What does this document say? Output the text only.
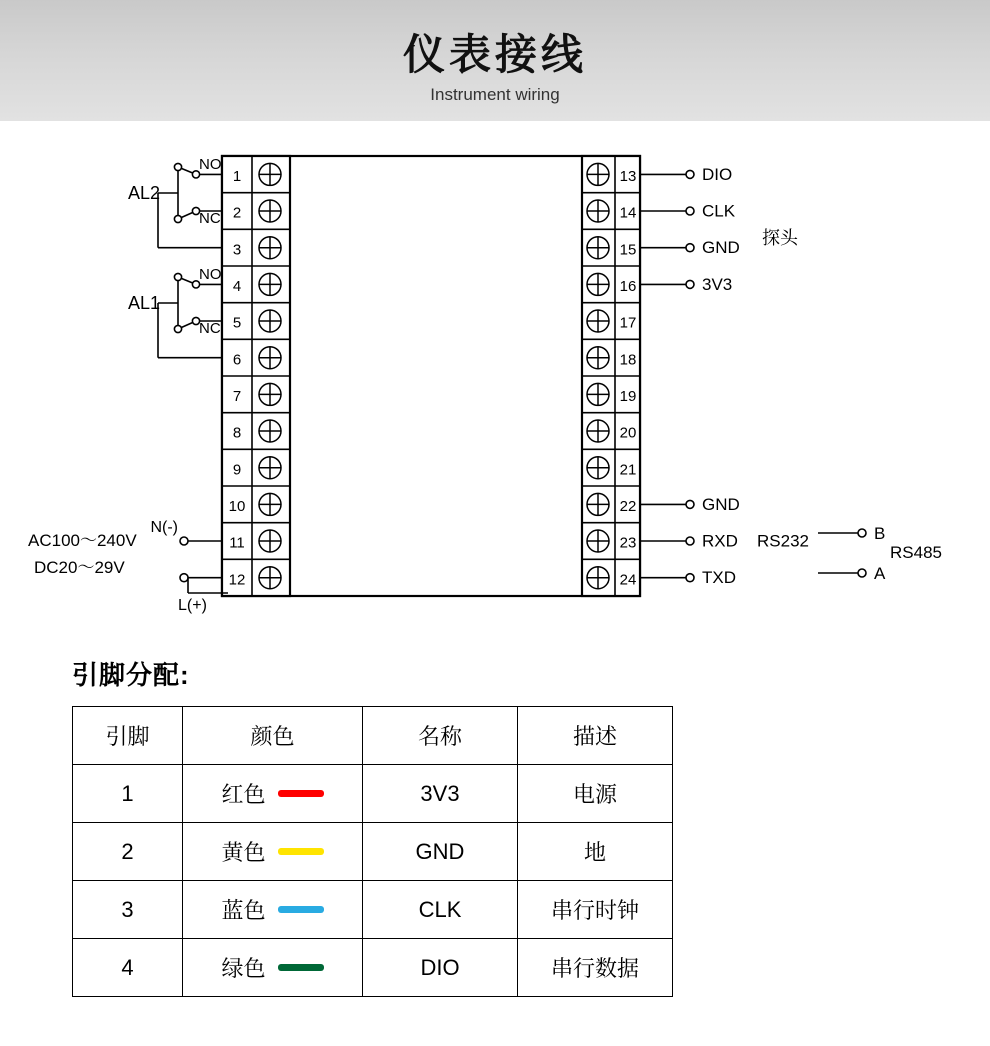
仪表接线
Instrument wiring
1
2
3
4
5
6
7
8
9
10
11
12
13
14
15
16
17
18
19
20
21
22
23
24
DIO
CLK
GND
3V3
GND
RXD
TXD
探头
RS232	B
A
RS485
AL2
NO
NC
AL1
NO
NC
N(-)
L(+)
AC100～240V
DC20～29V
引脚分配:
引脚	颜色	名称	描述
1	红色	3V3	电源
2	黄色	GND	地
3	蓝色	CLK	串行时钟
4	绿色	DIO	串行数据
